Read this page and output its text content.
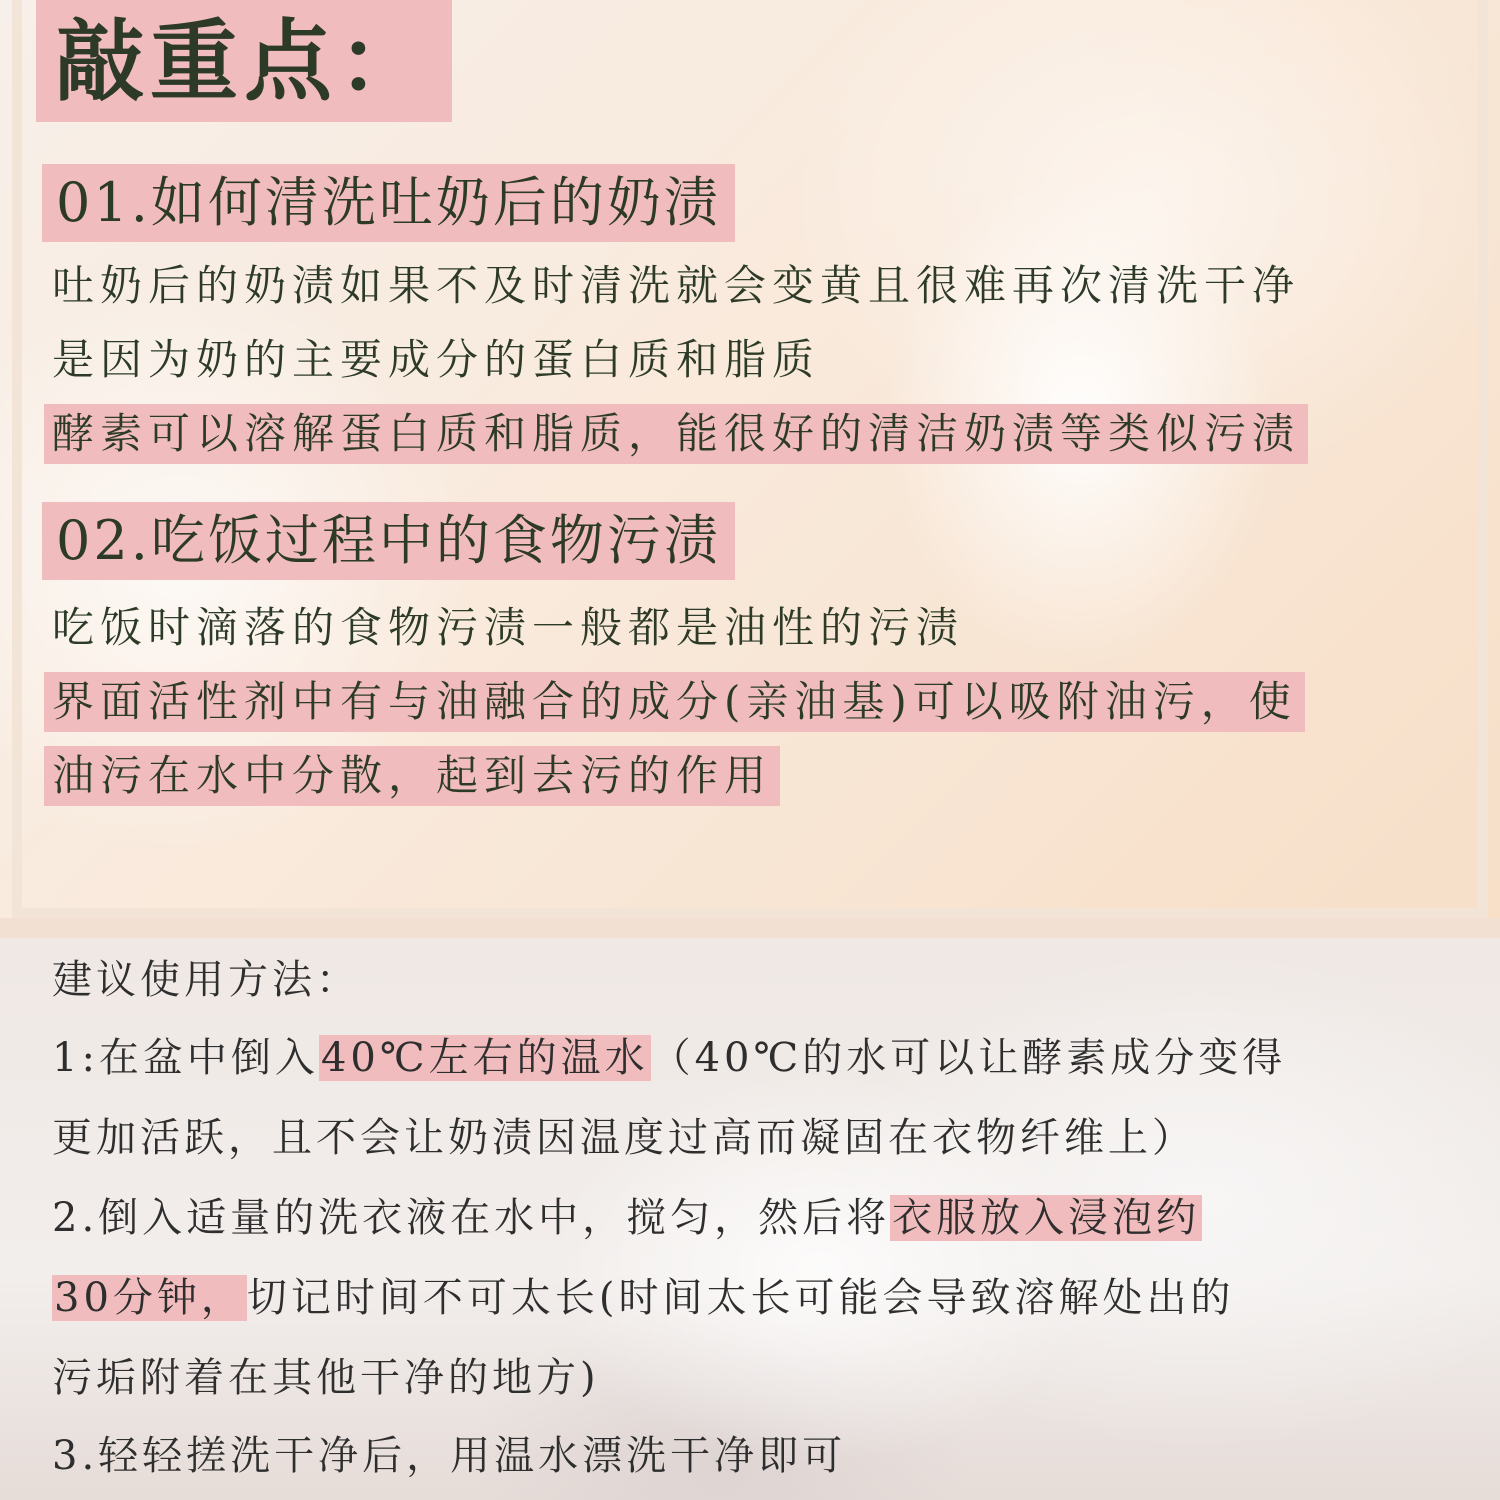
敲重点：
01.如何清洗吐奶后的奶渍
吐奶后的奶渍如果不及时清洗就会变黄且很难再次清洗干净
是因为奶的主要成分的蛋白质和脂质
酵素可以溶解蛋白质和脂质，能很好的清洁奶渍等类似污渍
02.吃饭过程中的食物污渍
吃饭时滴落的食物污渍一般都是油性的污渍
界面活性剂中有与油融合的成分(亲油基)可以吸附油污，使
油污在水中分散，起到去污的作用
建议使用方法：
1:在盆中倒入40℃左右的温水（40℃的水可以让酵素成分变得
更加活跃，且不会让奶渍因温度过高而凝固在衣物纤维上）
2.倒入适量的洗衣液在水中，搅匀，然后将衣服放入浸泡约
30分钟，切记时间不可太长(时间太长可能会导致溶解处出的
污垢附着在其他干净的地方)
3.轻轻搓洗干净后，用温水漂洗干净即可
